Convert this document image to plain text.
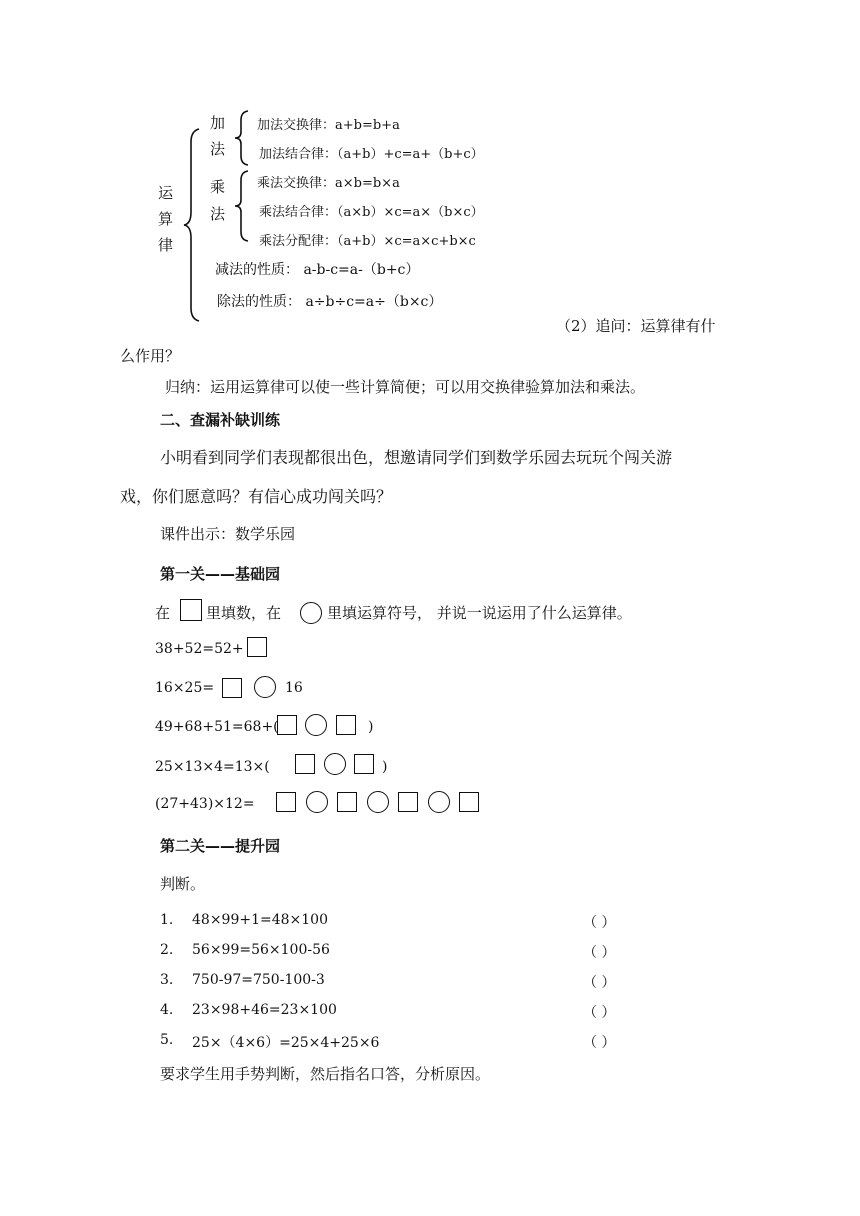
运
算
律
加
法
加法交换律：a+b=b+a
加法结合律：（a+b）+c=a+（b+c）
乘
法
乘法交换律：a×b=b×a
乘法结合律：（a×b）×c=a×（b×c）
乘法分配律：（a+b）×c=a×c+b×c
减法的性质： a-b-c=a-（b+c）
除法的性质： a÷b÷c=a÷（b×c）
（2）追问：运算律有什
么作用？
归纳：运用运算律可以使一些计算简便；可以用交换律验算加法和乘法。
二、查漏补缺训练
小明看到同学们表现都很出色，想邀请同学们到数学乐园去玩玩个闯关游
戏，你们愿意吗？有信心成功闯关吗？
课件出示：数学乐园
第一关——基础园
在 里填数，在	里填运算符号， 并说一说运用了什么运算律。
38+52=52+
16×25=	16
49+68+51=68+(	)
25×13×4=13×(	)
(27+43)×12=
第二关——提升园
判断。
1. 48×99+1=48×100	（ ）
2. 56×99=56×100-56	（ ）
3. 750-97=750-100-3	（ ）
4. 23×98+46=23×100	（ ）
5. 25×（4×6）=25×4+25×6	（ ）
要求学生用手势判断，然后指名口答，分析原因。
